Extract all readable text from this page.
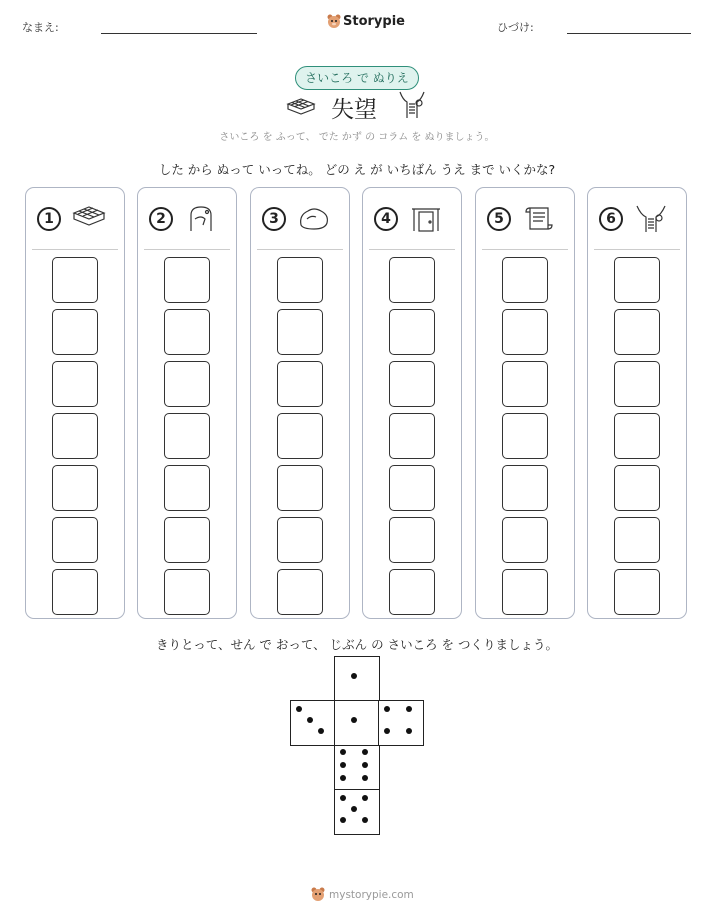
なまえ:	Storypie	ひづけ:
さいころ で ぬりえ
失望
さいころ を ふって、 でた かず の コラム を ぬりましょう。
した から ぬって いってね。 どの え が いちばん うえ まで いくかな?
1	2	3	4	5	6
きりとって、せん で おって、 じぶん の さいころ を つくりましょう。
mystorypie.com
